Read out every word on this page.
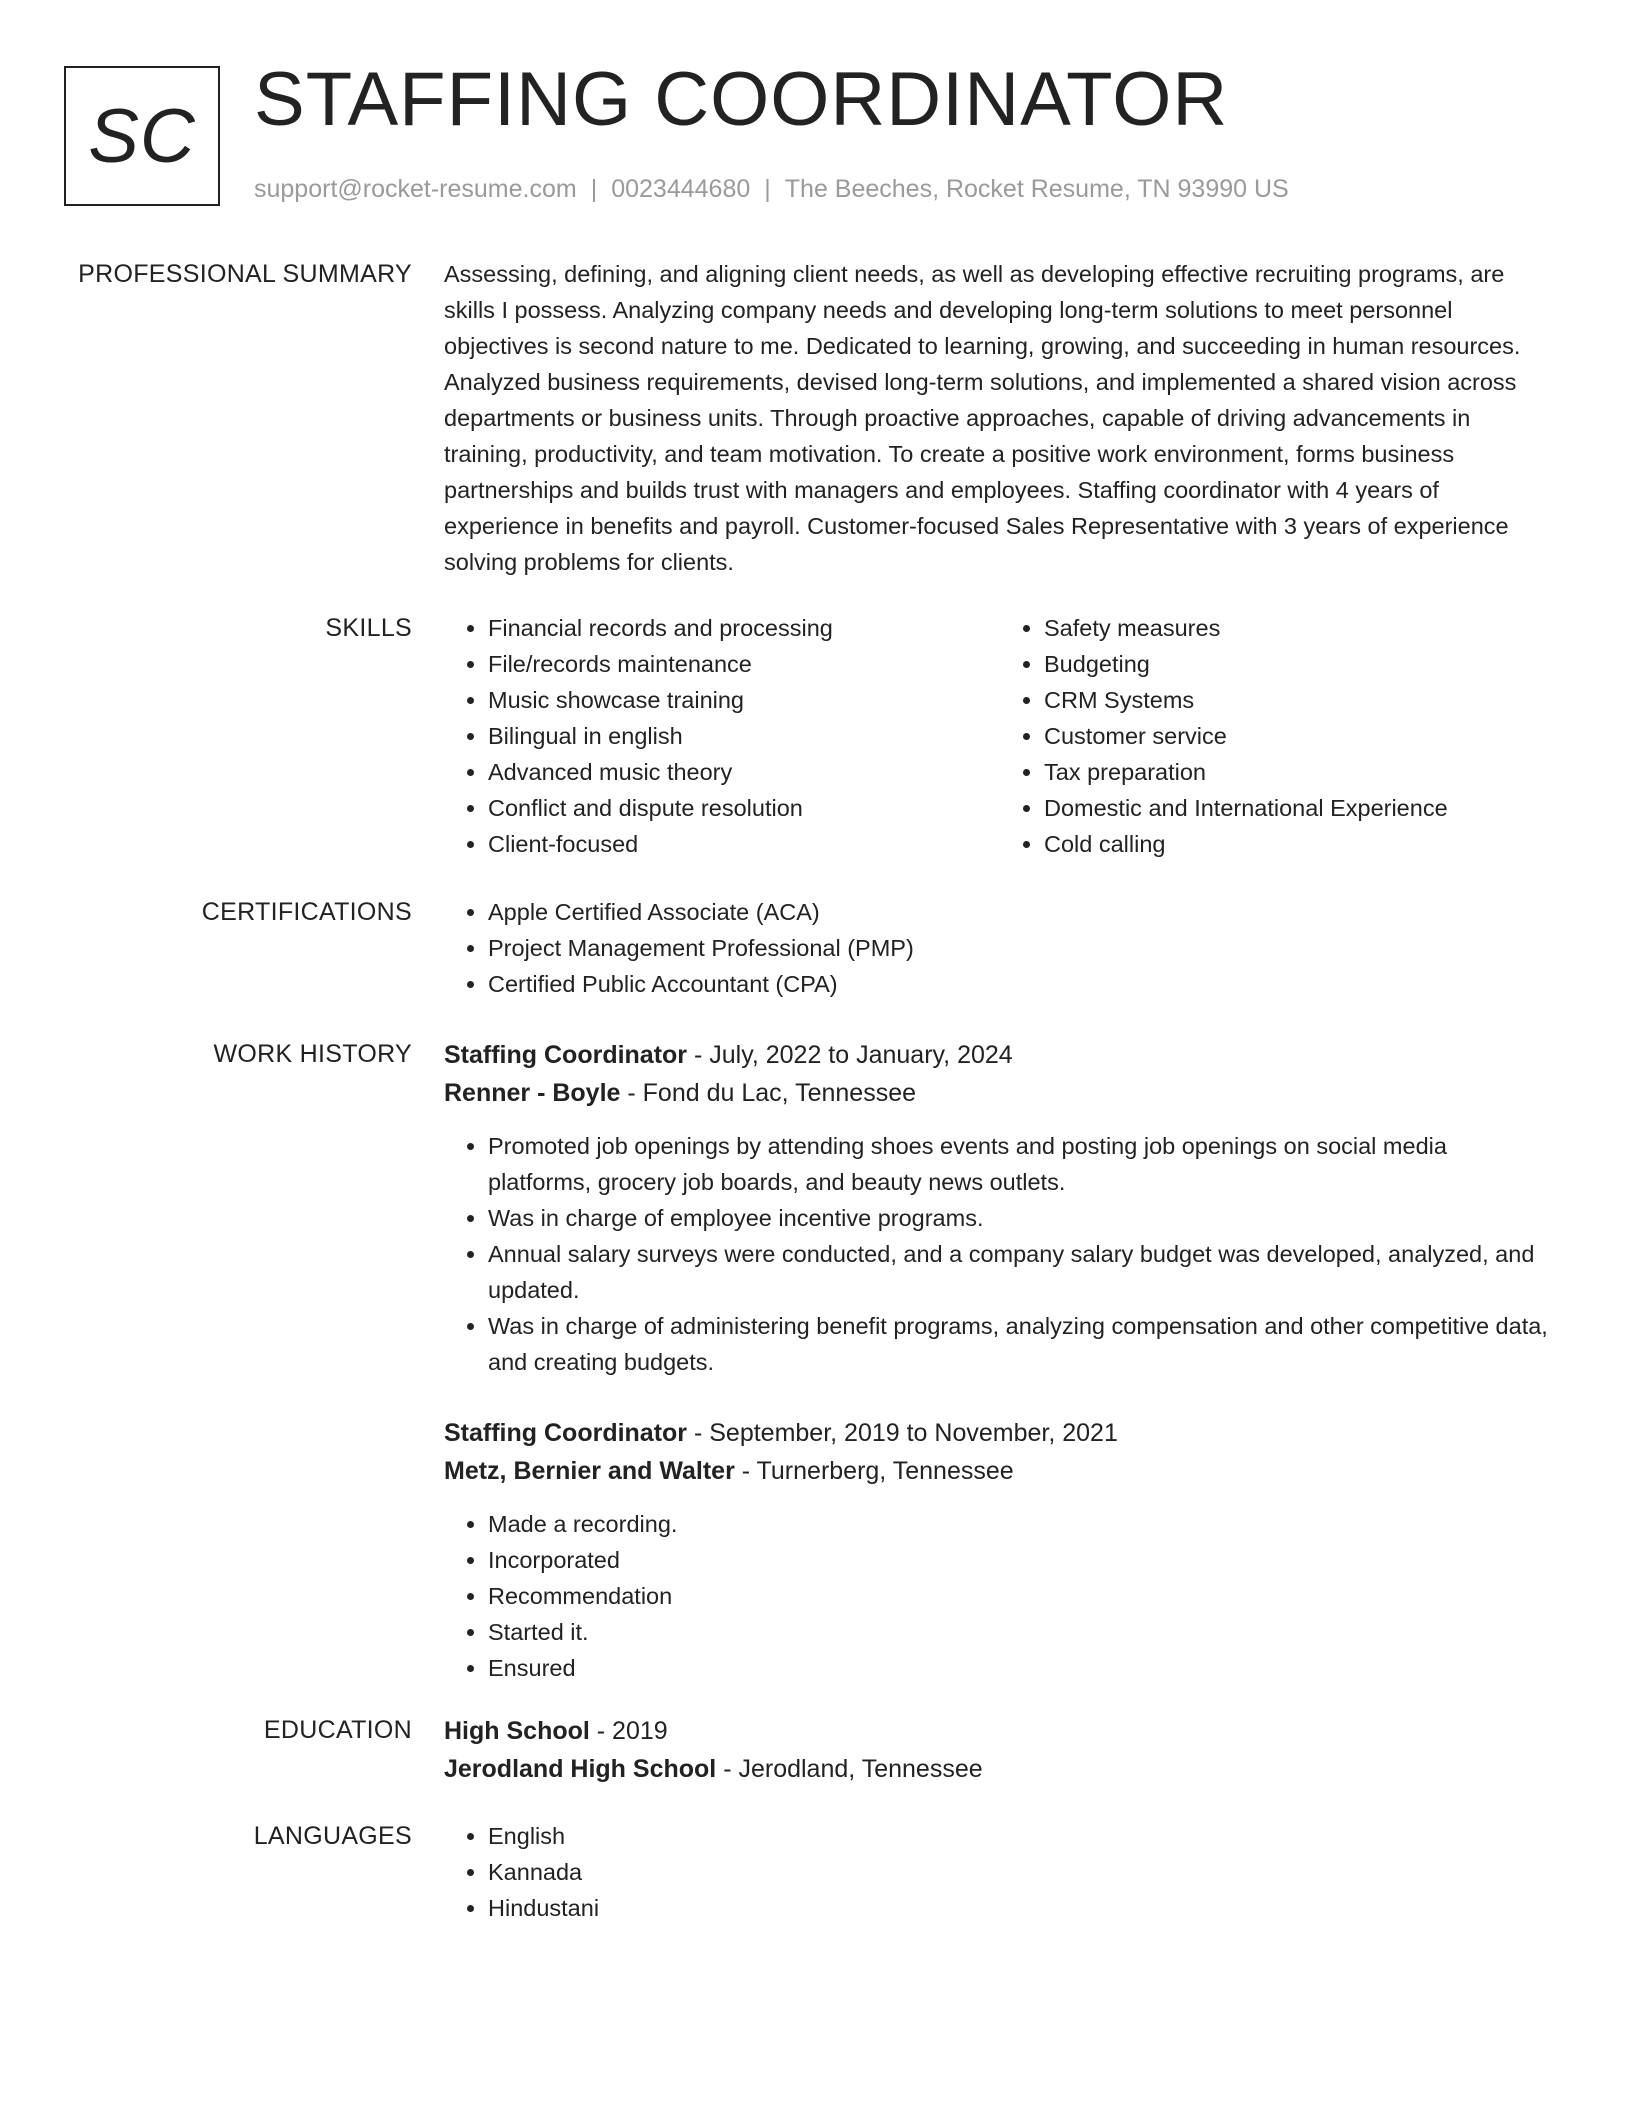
SC STAFFING COORDINATOR
support@rocket-resume.com | 0023444680 | The Beeches, Rocket Resume, TN 93990 US
PROFESSIONAL SUMMARY Assessing, defining, and aligning client needs, as well as developing effective recruiting programs, are skills I possess. Analyzing company needs and developing long-term solutions to meet personnel objectives is second nature to me. Dedicated to learning, growing, and succeeding in human resources. Analyzed business requirements, devised long-term solutions, and implemented a shared vision across departments or business units. Through proactive approaches, capable of driving advancements in training, productivity, and team motivation. To create a positive work environment, forms business partnerships and builds trust with managers and employees. Staffing coordinator with 4 years of experience in benefits and payroll. Customer-focused Sales Representative with 3 years of experience solving problems for clients.

SKILLS	• Financial records and processing
• File/records maintenance
• Music showcase training
• Bilingual in english
• Advanced music theory
• Conflict and dispute resolution
• Client-focused
• Safety measures
• Budgeting
• CRM Systems
• Customer service
• Tax preparation
• Domestic and International Experience
• Cold calling
CERTIFICATIONS	• Apple Certified Associate (ACA)
• Project Management Professional (PMP)
• Certified Public Accountant (CPA)
WORK HISTORY Staffing Coordinator - July, 2022 to January, 2024
Renner - Boyle - Fond du Lac, Tennessee
• Promoted job openings by attending shoes events and posting job openings on social media platforms, grocery job boards, and beauty news outlets.
• Was in charge of employee incentive programs.
• Annual salary surveys were conducted, and a company salary budget was developed, analyzed, and updated.
• Was in charge of administering benefit programs, analyzing compensation and other competitive data, and creating budgets.
Staffing Coordinator - September, 2019 to November, 2021
Metz, Bernier and Walter - Turnerberg, Tennessee
• Made a recording.
• Incorporated
• Recommendation
• Started it.
• Ensured
EDUCATION High School - 2019
Jerodland High School - Jerodland, Tennessee
LANGUAGES	• English
• Kannada
• Hindustani
